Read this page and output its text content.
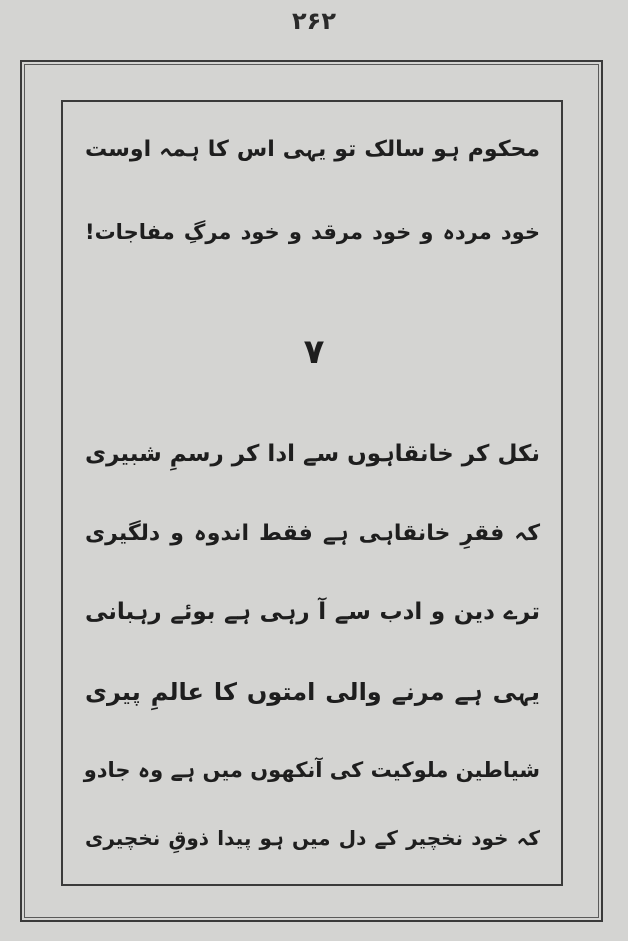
۲۶۲
محکوم ہو سالک تو یہی اس کا ہمہ اوست
خود مردہ و خود مرقد و خود مرگِ مفاجات!
۷
نکل کر خانقاہوں سے ادا کر رسمِ شبیری
کہ فقرِ خانقاہی ہے فقط اندوہ و دلگیری
ترے دین و ادب سے آ رہی ہے بوئے رہبانی
یہی ہے مرنے والی امتوں کا عالمِ پیری
شیاطین ملوکیت کی آنکھوں میں ہے وہ جادو
کہ خود نخچیر کے دل میں ہو پیدا ذوقِ نخچیری
